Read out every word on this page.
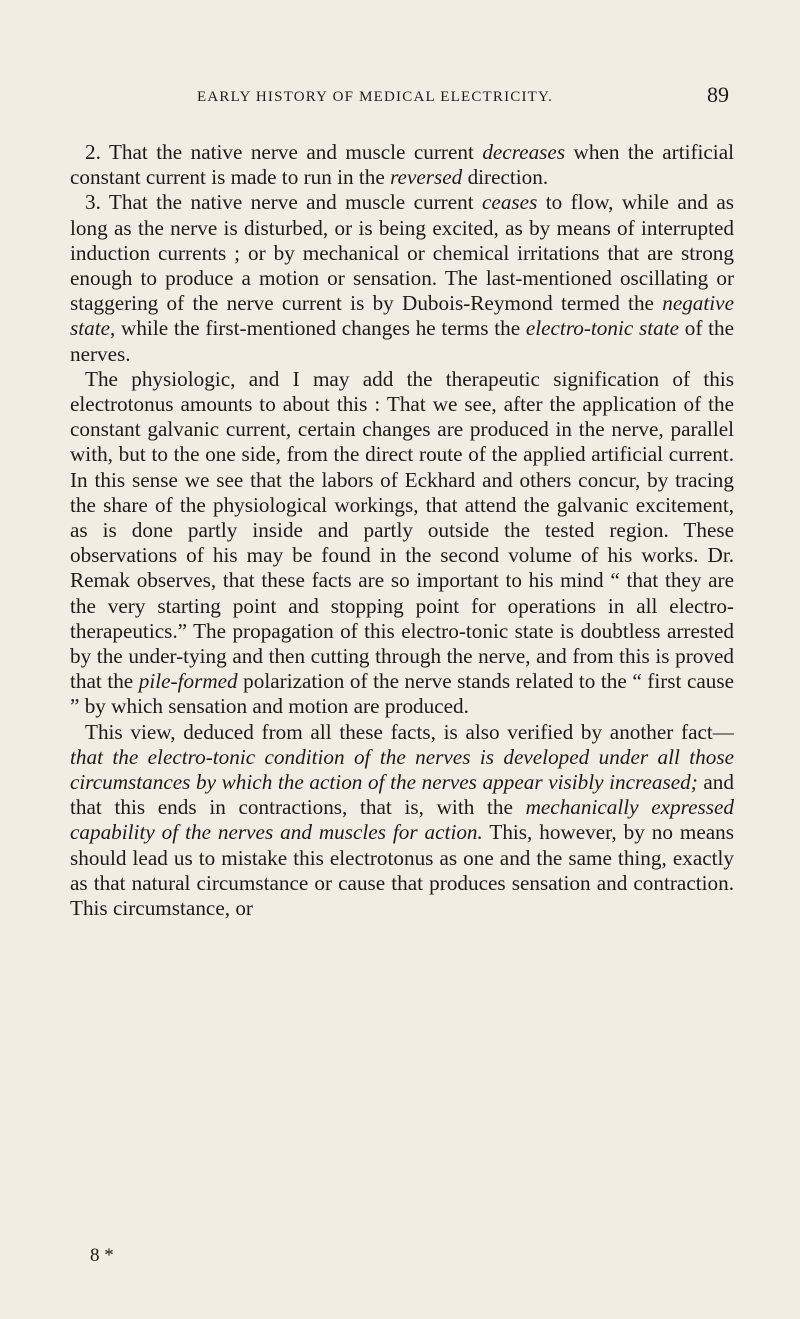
EARLY HISTORY OF MEDICAL ELECTRICITY.	89

2. That the native nerve and muscle current decreases when the artificial constant current is made to run in the reversed direction.

3. That the native nerve and muscle current ceases to flow, while and as long as the nerve is disturbed, or is being excited, as by means of interrupted induction currents ; or by mechanical or chemical irritations that are strong enough to produce a motion or sensation. The last-mentioned oscillating or staggering of the nerve current is by Dubois-Reymond termed the negative state, while the first-mentioned changes he terms the electro-tonic state of the nerves.

The physiologic, and I may add the therapeutic signification of this electrotonus amounts to about this : That we see, after the application of the constant galvanic current, certain changes are produced in the nerve, parallel with, but to the one side, from the direct route of the applied artificial current. In this sense we see that the labors of Eckhard and others concur, by tracing the share of the physiological workings, that attend the galvanic excitement, as is done partly inside and partly outside the tested region. These observations of his may be found in the second volume of his works. Dr. Remak observes, that these facts are so important to his mind “ that they are the very starting point and stopping point for operations in all electro-therapeutics.” The propagation of this electro-tonic state is doubtless arrested by the under-tying and then cutting through the nerve, and from this is proved that the pile-formed polarization of the nerve stands related to the “ first cause ” by which sensation and motion are produced.

This view, deduced from all these facts, is also verified by another fact—that the electro-tonic condition of the nerves is developed under all those circumstances by which the action of the nerves appear visibly increased; and that this ends in contractions, that is, with the mechanically expressed capability of the nerves and muscles for action. This, however, by no means should lead us to mistake this electrotonus as one and the same thing, exactly as that natural circumstance or cause that produces sensation and contraction. This circumstance, or

8 *
